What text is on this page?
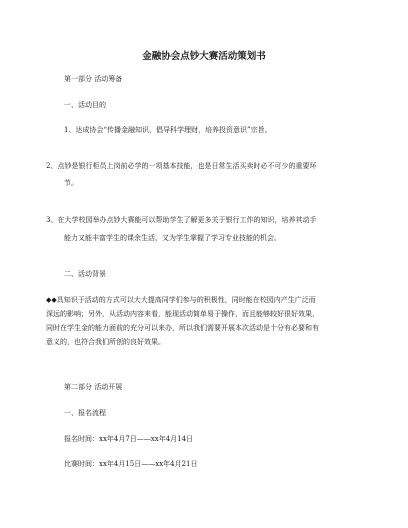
金融协会点钞大赛活动策划书

第一部分 活动筹备

一、活动目的

1、达成协会“传播金融知识，倡导科学理财，培养投资意识”宗旨。

2、点钞是银行柜员上岗前必学的一项基本技能，也是日常生活买卖时必不可少的重要环

节。

3、在大学校园举办点钞大赛能可以帮助学生了解更多关于银行工作的知识，培养其动手

能力又能丰富学生的课余生活，又为学生掌握了学习专业技能的机会。

二、活动背景

◆◆具知识于活动的方式可以大大提高同学们参与的积极性，同时能在校园内产生广泛而

深远的影响；另外，从活动内容来看，能现活动简单易于操作，而且能够较好很好效果，

同时在学生金的能力面前的充分可以来办，所以我们需要开展本次活动是十分有必要和有

意义的，也符合我们所创的良好效果。

第二部分 活动开展

一、报名流程

报名时间：xx年4月7日——xx年4月14日

比赛时间：xx年4月15日——xx年4月21日
